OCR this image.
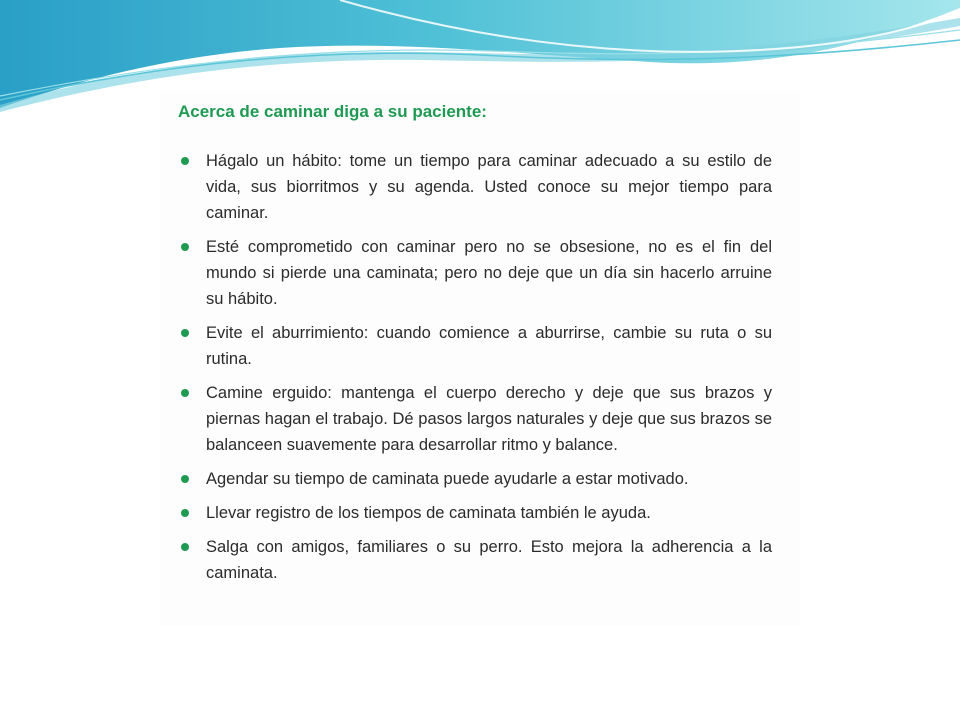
Acerca de caminar diga a su paciente:
Hágalo un hábito: tome un tiempo para caminar adecuado a su estilo de vida, sus biorritmos y su agenda. Usted conoce su mejor tiempo para caminar.
Esté comprometido con caminar pero no se obsesione, no es el fin del mundo si pierde una caminata; pero no deje que un día sin hacerlo arruine su hábito.
Evite el aburrimiento: cuando comience a aburrirse, cambie su ruta o su rutina.
Camine erguido: mantenga el cuerpo derecho y deje que sus brazos y piernas hagan el trabajo. Dé pasos largos naturales y deje que sus brazos se balanceen suavemente para desarrollar ritmo y balance.
Agendar su tiempo de caminata puede ayudarle a estar motivado.
Llevar registro de los tiempos de caminata también le ayuda.
Salga con amigos, familiares o su perro. Esto mejora la adherencia a la caminata.
